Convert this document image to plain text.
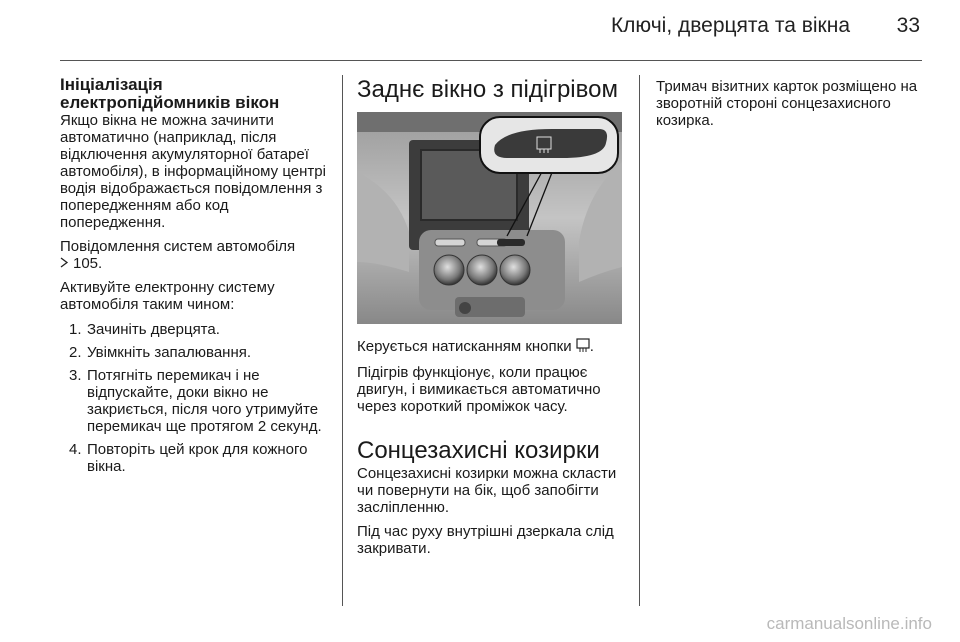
Ключі, дверцята та вікна 33
Ініціалізація електропідйомників вікон

Якщо вікна не можна зачинити автоматично (наприклад, після відключення акумуляторної батареї автомобіля), в інформаційному центрі водія відображається повідомлення з попередженням або код попередження.

Повідомлення систем автомобіля

105.

Активуйте електронну систему автомобіля таким чином:

1. Зачиніть дверцята.
2. Увімкніть запалювання.
3. Потягніть перемикач і не відпускайте, доки вікно не закриється, після чого утримуйте перемикач ще протягом 2 секунд.
4. Повторіть цей крок для кожного вікна.
Заднє вікно з підігрівом

Керується натисканням кнопки .

Підігрів функціонує, коли працює двигун, і вимикається автоматично через короткий проміжок часу.

Сонцезахисні козирки

Сонцезахисні козирки можна скласти чи повернути на бік, щоб запобігти засліпленню.

Під час руху внутрішні дзеркала слід закривати.

Тримач візитних карток розміщено на зворотній стороні сонцезахисного козирка.

carmanualsonline.info
